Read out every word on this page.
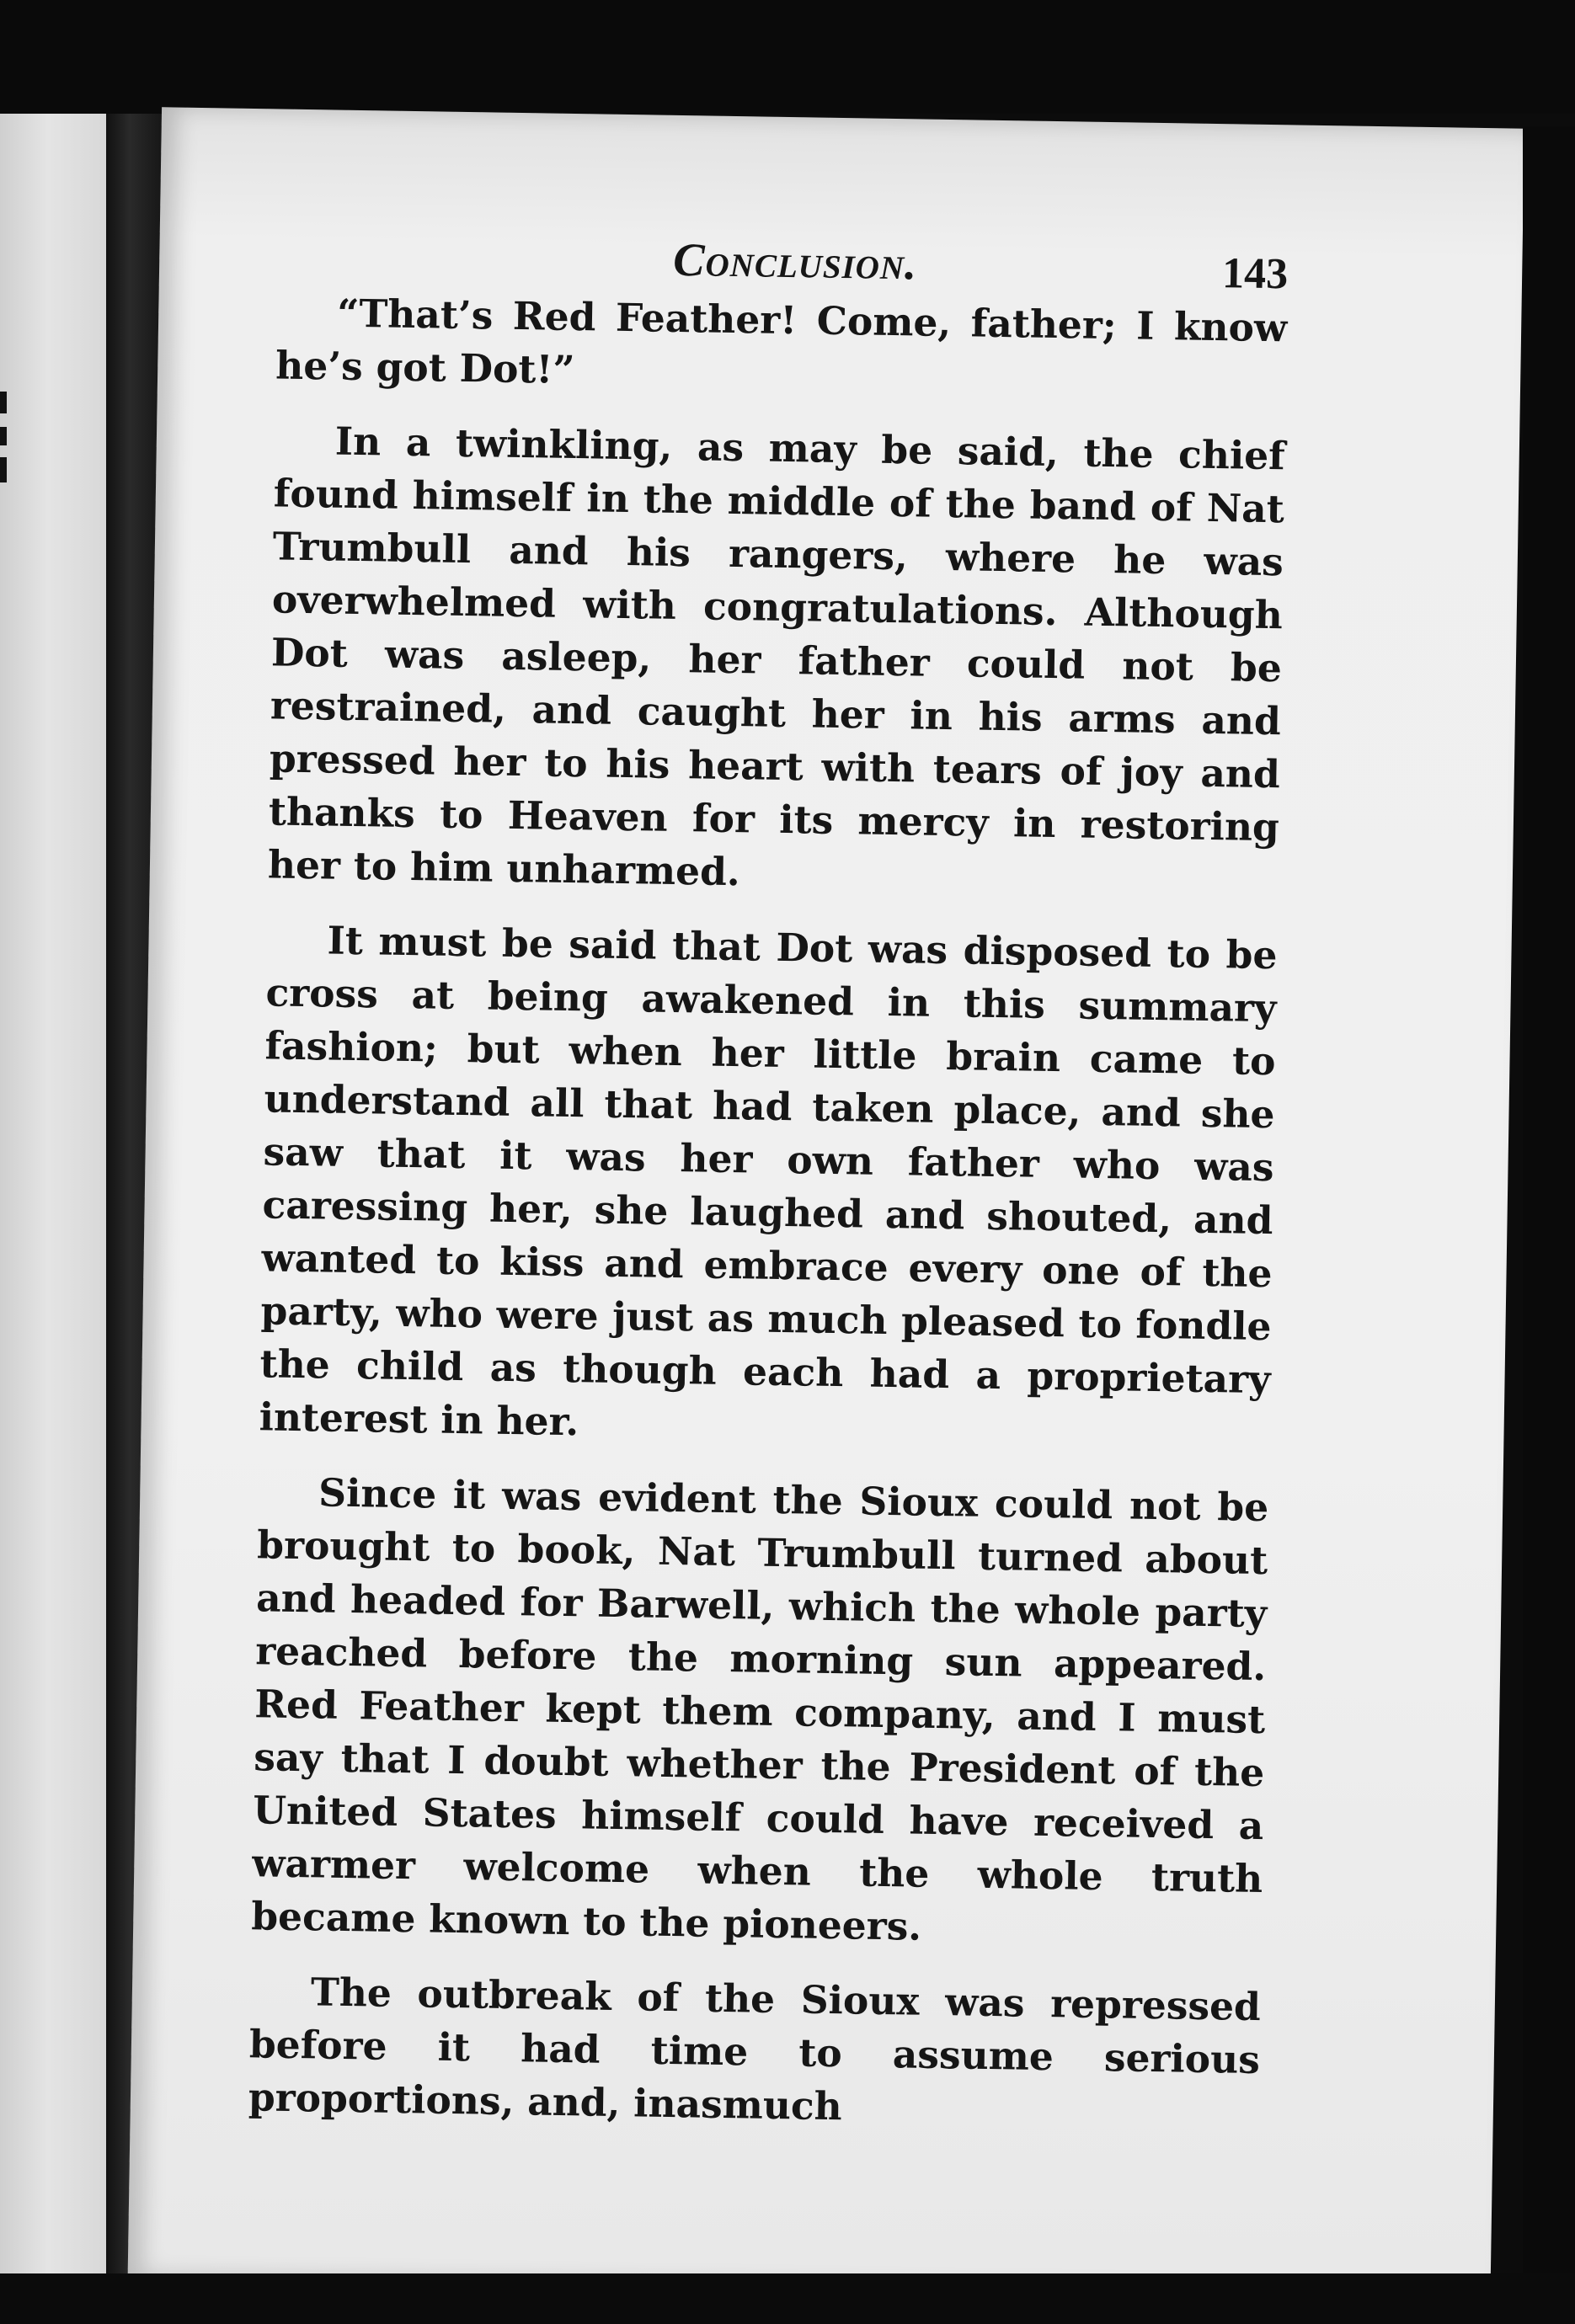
Conclusion.	143

“That’s Red Feather! Come, father; I know he’s got Dot!”

In a twinkling, as may be said, the chief found himself in the middle of the band of Nat Trumbull and his rangers, where he was overwhelmed with congratulations. Although Dot was asleep, her father could not be restrained, and caught her in his arms and pressed her to his heart with tears of joy and thanks to Heaven for its mercy in restoring her to him unharmed.

It must be said that Dot was disposed to be cross at being awakened in this summary fashion; but when her little brain came to understand all that had taken place, and she saw that it was her own father who was caressing her, she laughed and shouted, and wanted to kiss and embrace every one of the party, who were just as much pleased to fondle the child as though each had a proprietary interest in her.

Since it was evident the Sioux could not be brought to book, Nat Trumbull turned about and headed for Barwell, which the whole party reached before the morning sun appeared. Red Feather kept them company, and I must say that I doubt whether the President of the United States himself could have received a warmer welcome when the whole truth became known to the pioneers.

The outbreak of the Sioux was repressed before it had time to assume serious proportions, and, inasmuch
